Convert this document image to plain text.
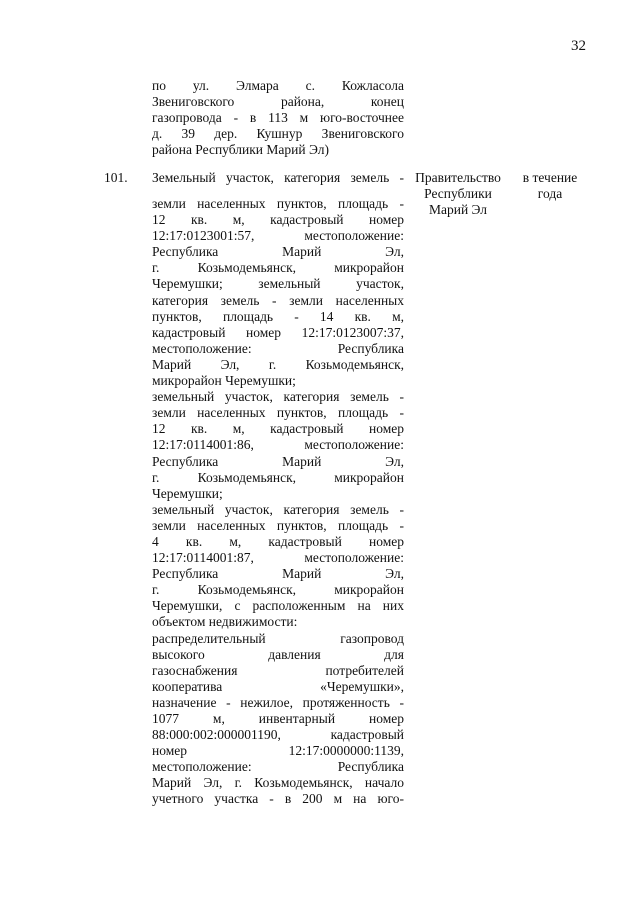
32
по ул. Элмара с. Кожласола
Звениговского района, конец
газопровода - в 113 м юго-восточнее
д. 39 дер. Кушнур Звениговского
района Республики Марий Эл)
101. Земельный участок, категория земель -
земли населенных пунктов, площадь -
12 кв. м, кадастровый номер
12:17:0123001:57, местоположение:
Республика Марий Эл,
г. Козьмодемьянск, микрорайон
Черемушки; земельный участок,
категория земель - земли населенных
пунктов, площадь - 14 кв. м,
кадастровый номер 12:17:0123007:37,
местоположение: Республика
Марий Эл, г. Козьмодемьянск,
микрорайон Черемушки;
земельный участок, категория земель -
земли населенных пунктов, площадь -
12 кв. м, кадастровый номер
12:17:0114001:86, местоположение:
Республика Марий Эл,
г. Козьмодемьянск, микрорайон
Черемушки;
земельный участок, категория земель -
земли населенных пунктов, площадь -
4 кв. м, кадастровый номер
12:17:0114001:87, местоположение:
Республика Марий Эл,
г. Козьмодемьянск, микрорайон
Черемушки, с расположенным на них
объектом недвижимости:
распределительный газопровод
высокого давления для
газоснабжения потребителей
кооператива «Черемушки»,
назначение - нежилое, протяженность -
1077 м, инвентарный номер
88:000:002:000001190, кадастровый
номер 12:17:0000000:1139,
местоположение: Республика
Марий Эл, г. Козьмодемьянск, начало
учетного участка - в 200 м на юго-
Правительство
Республики
Марий Эл
в течение
года
